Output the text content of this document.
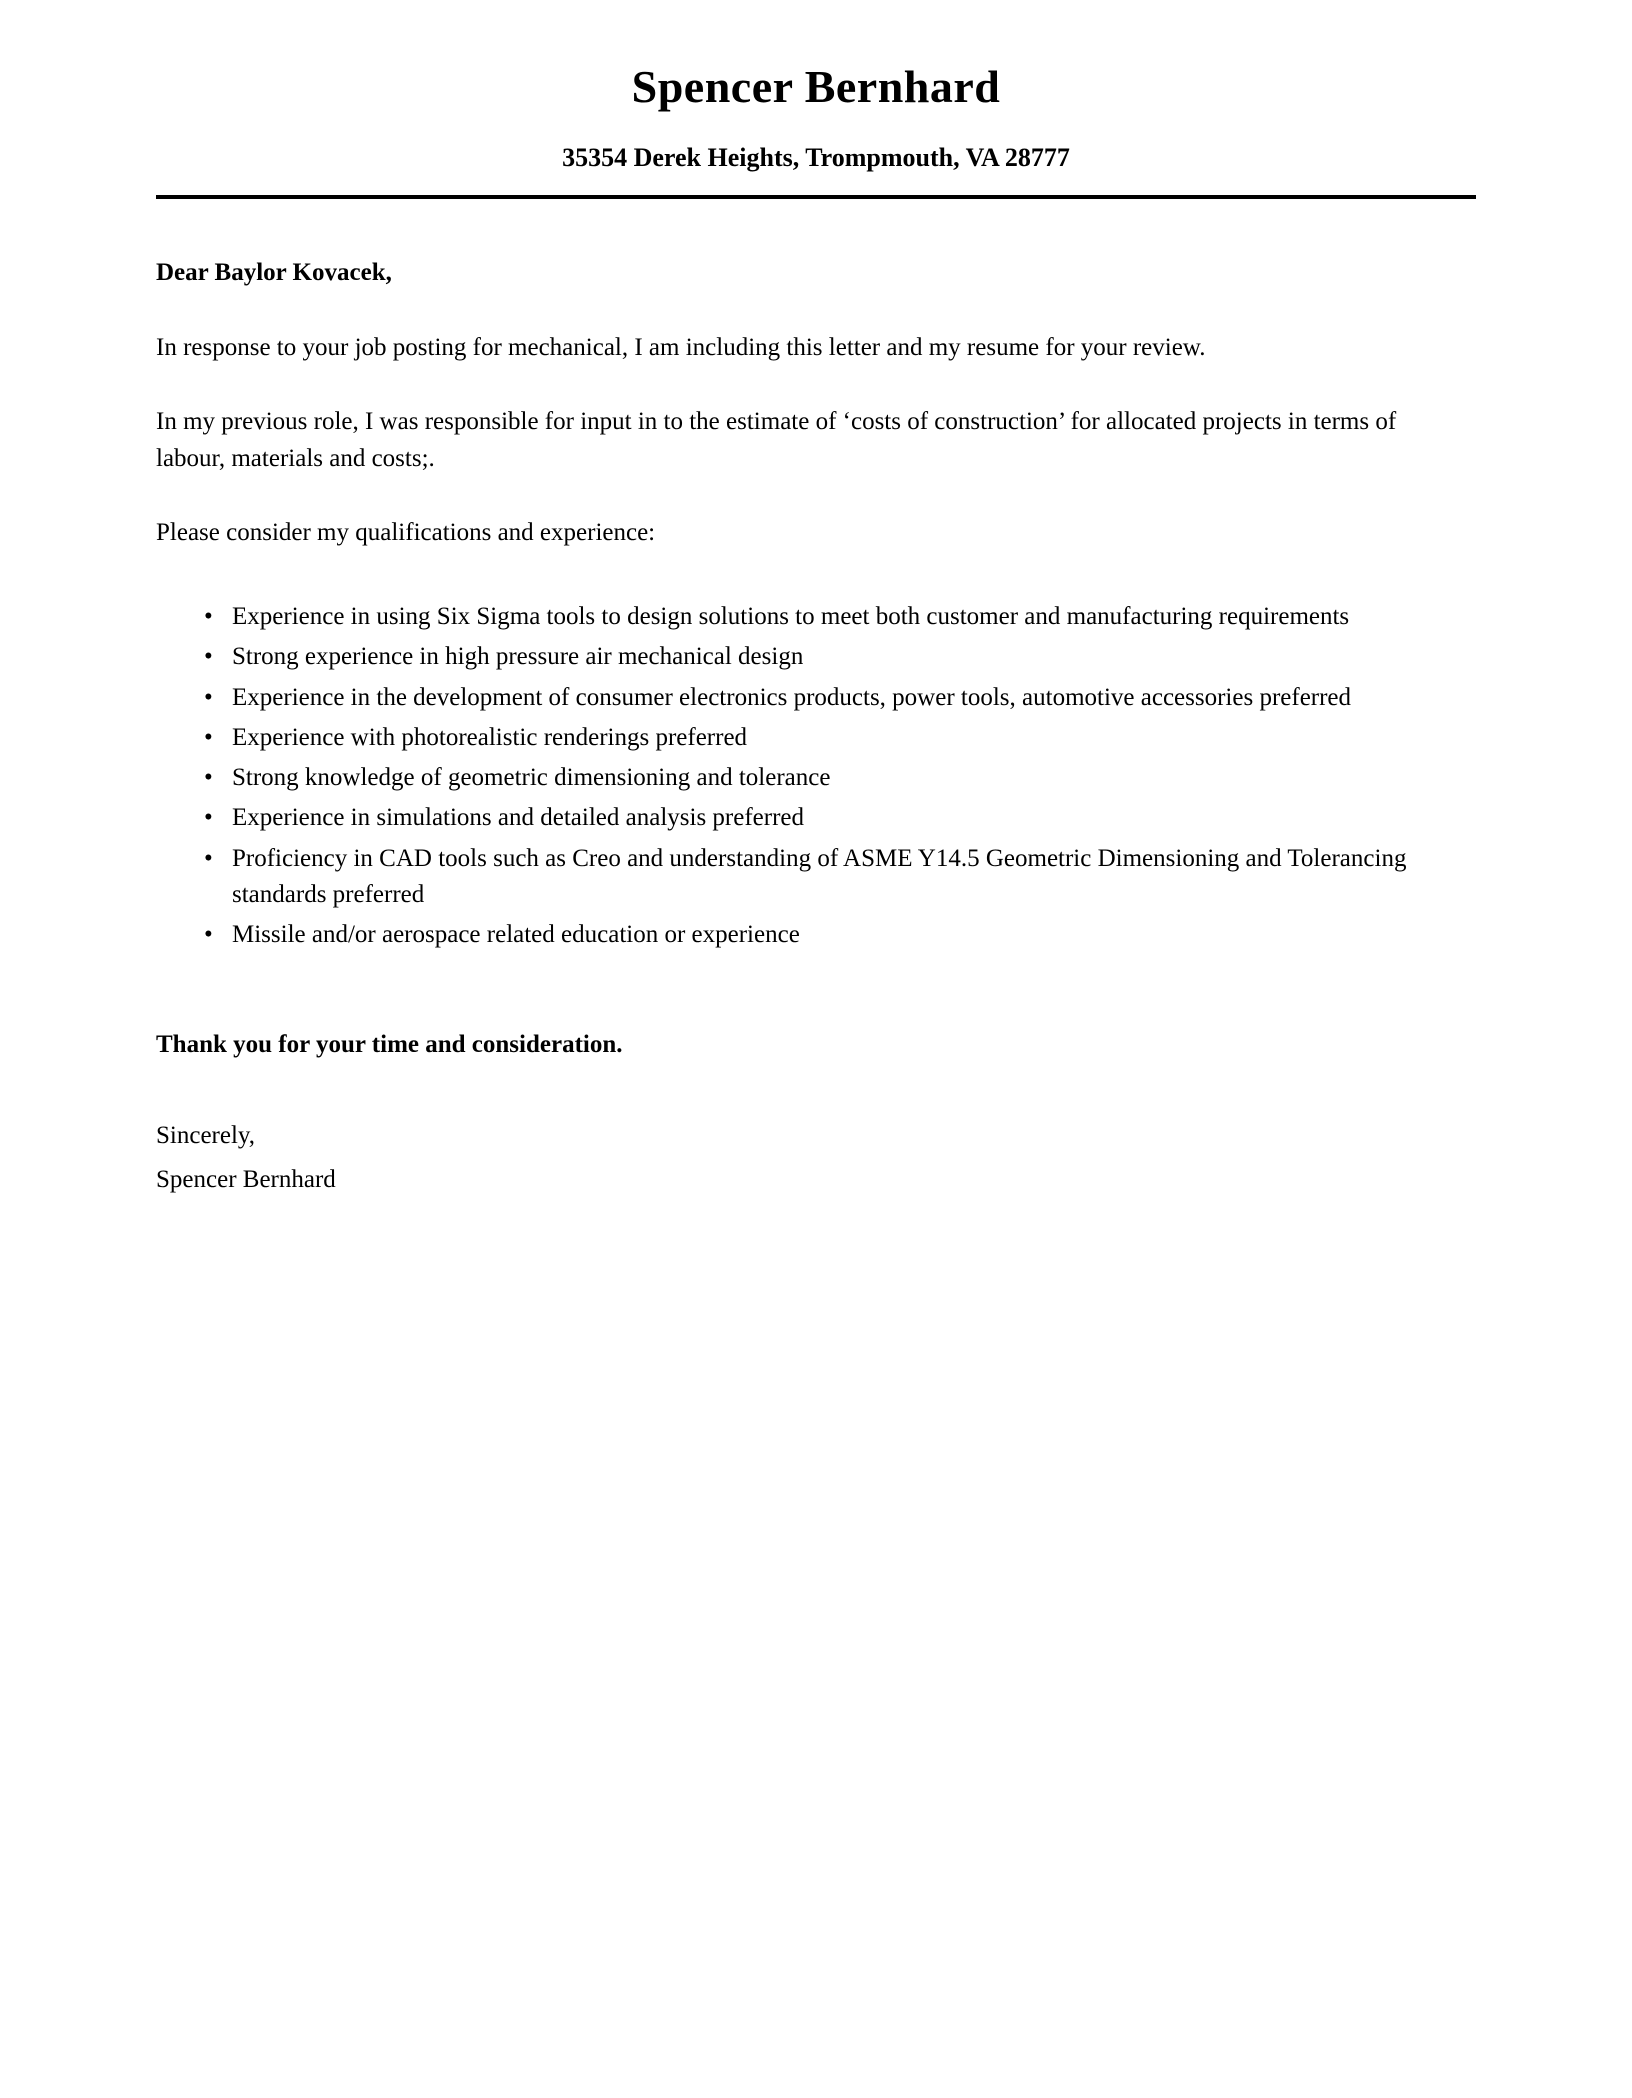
Spencer Bernhard
35354 Derek Heights, Trompmouth, VA 28777
Dear Baylor Kovacek,

In response to your job posting for mechanical, I am including this letter and my resume for your review.

In my previous role, I was responsible for input in to the estimate of ‘costs of construction’ for allocated projects in terms of labour, materials and costs;.

Please consider my qualifications and experience:

• Experience in using Six Sigma tools to design solutions to meet both customer and manufacturing requirements
• Strong experience in high pressure air mechanical design
• Experience in the development of consumer electronics products, power tools, automotive accessories preferred
• Experience with photorealistic renderings preferred
• Strong knowledge of geometric dimensioning and tolerance
• Experience in simulations and detailed analysis preferred
• Proficiency in CAD tools such as Creo and understanding of ASME Y14.5 Geometric Dimensioning and Tolerancing standards preferred
• Missile and/or aerospace related education or experience
Thank you for your time and consideration.
Sincerely,
Spencer Bernhard
